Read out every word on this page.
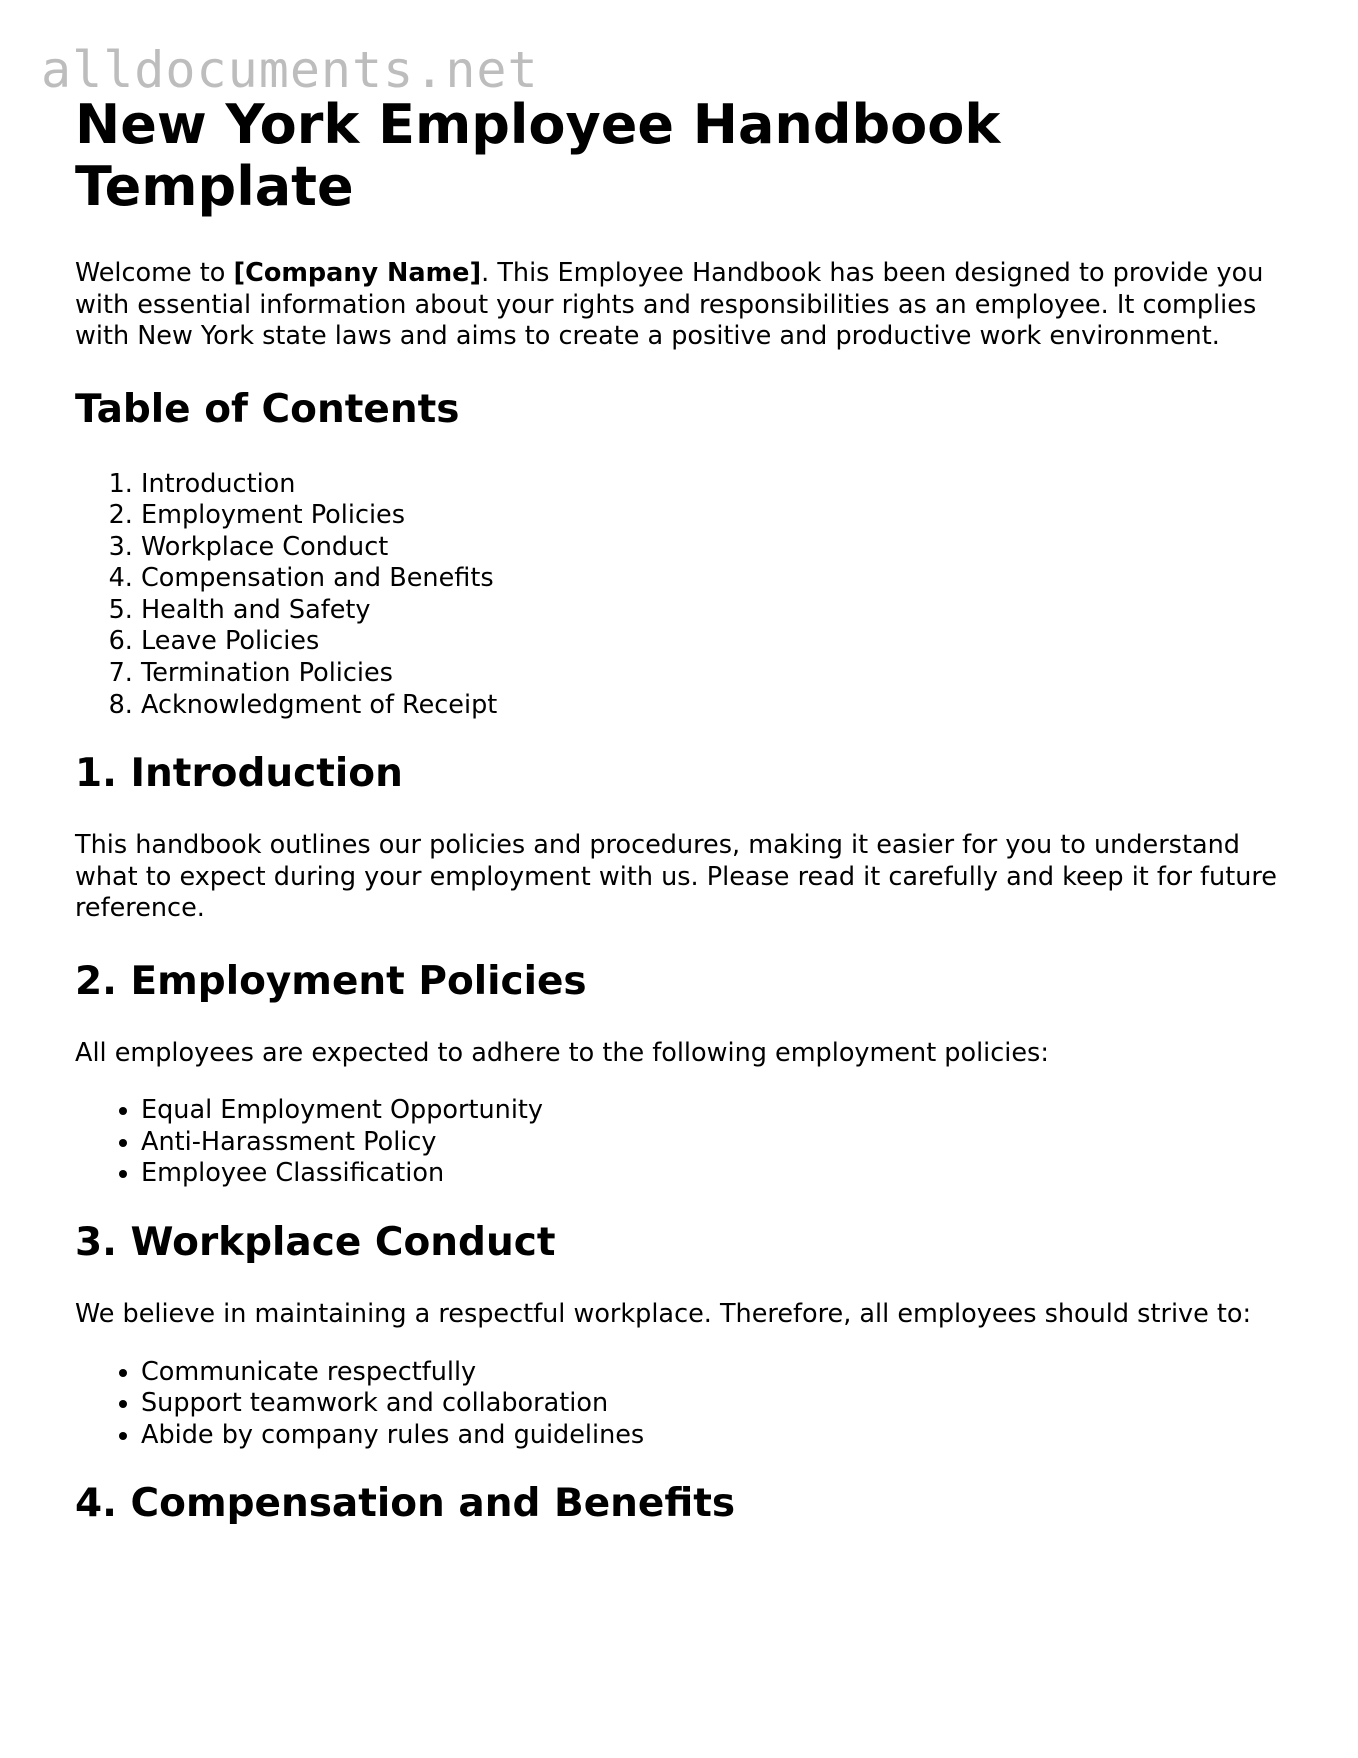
alldocuments.net
New York Employee Handbook Template

Welcome to [Company Name]. This Employee Handbook has been designed to provide you with essential information about your rights and responsibilities as an employee. It complies with New York state laws and aims to create a positive and productive work environment.

Table of Contents
1. Introduction
2. Employment Policies
3. Workplace Conduct
4. Compensation and Benefits
5. Health and Safety
6. Leave Policies
7. Termination Policies
8. Acknowledgment of Receipt
1. Introduction

This handbook outlines our policies and procedures, making it easier for you to understand what to expect during your employment with us. Please read it carefully and keep it for future reference.

2. Employment Policies

All employees are expected to adhere to the following employment policies:

• Equal Employment Opportunity
• Anti-Harassment Policy
• Employee Classification
3. Workplace Conduct

We believe in maintaining a respectful workplace. Therefore, all employees should strive to:

• Communicate respectfully
• Support teamwork and collaboration
• Abide by company rules and guidelines
4. Compensation and Benefits
